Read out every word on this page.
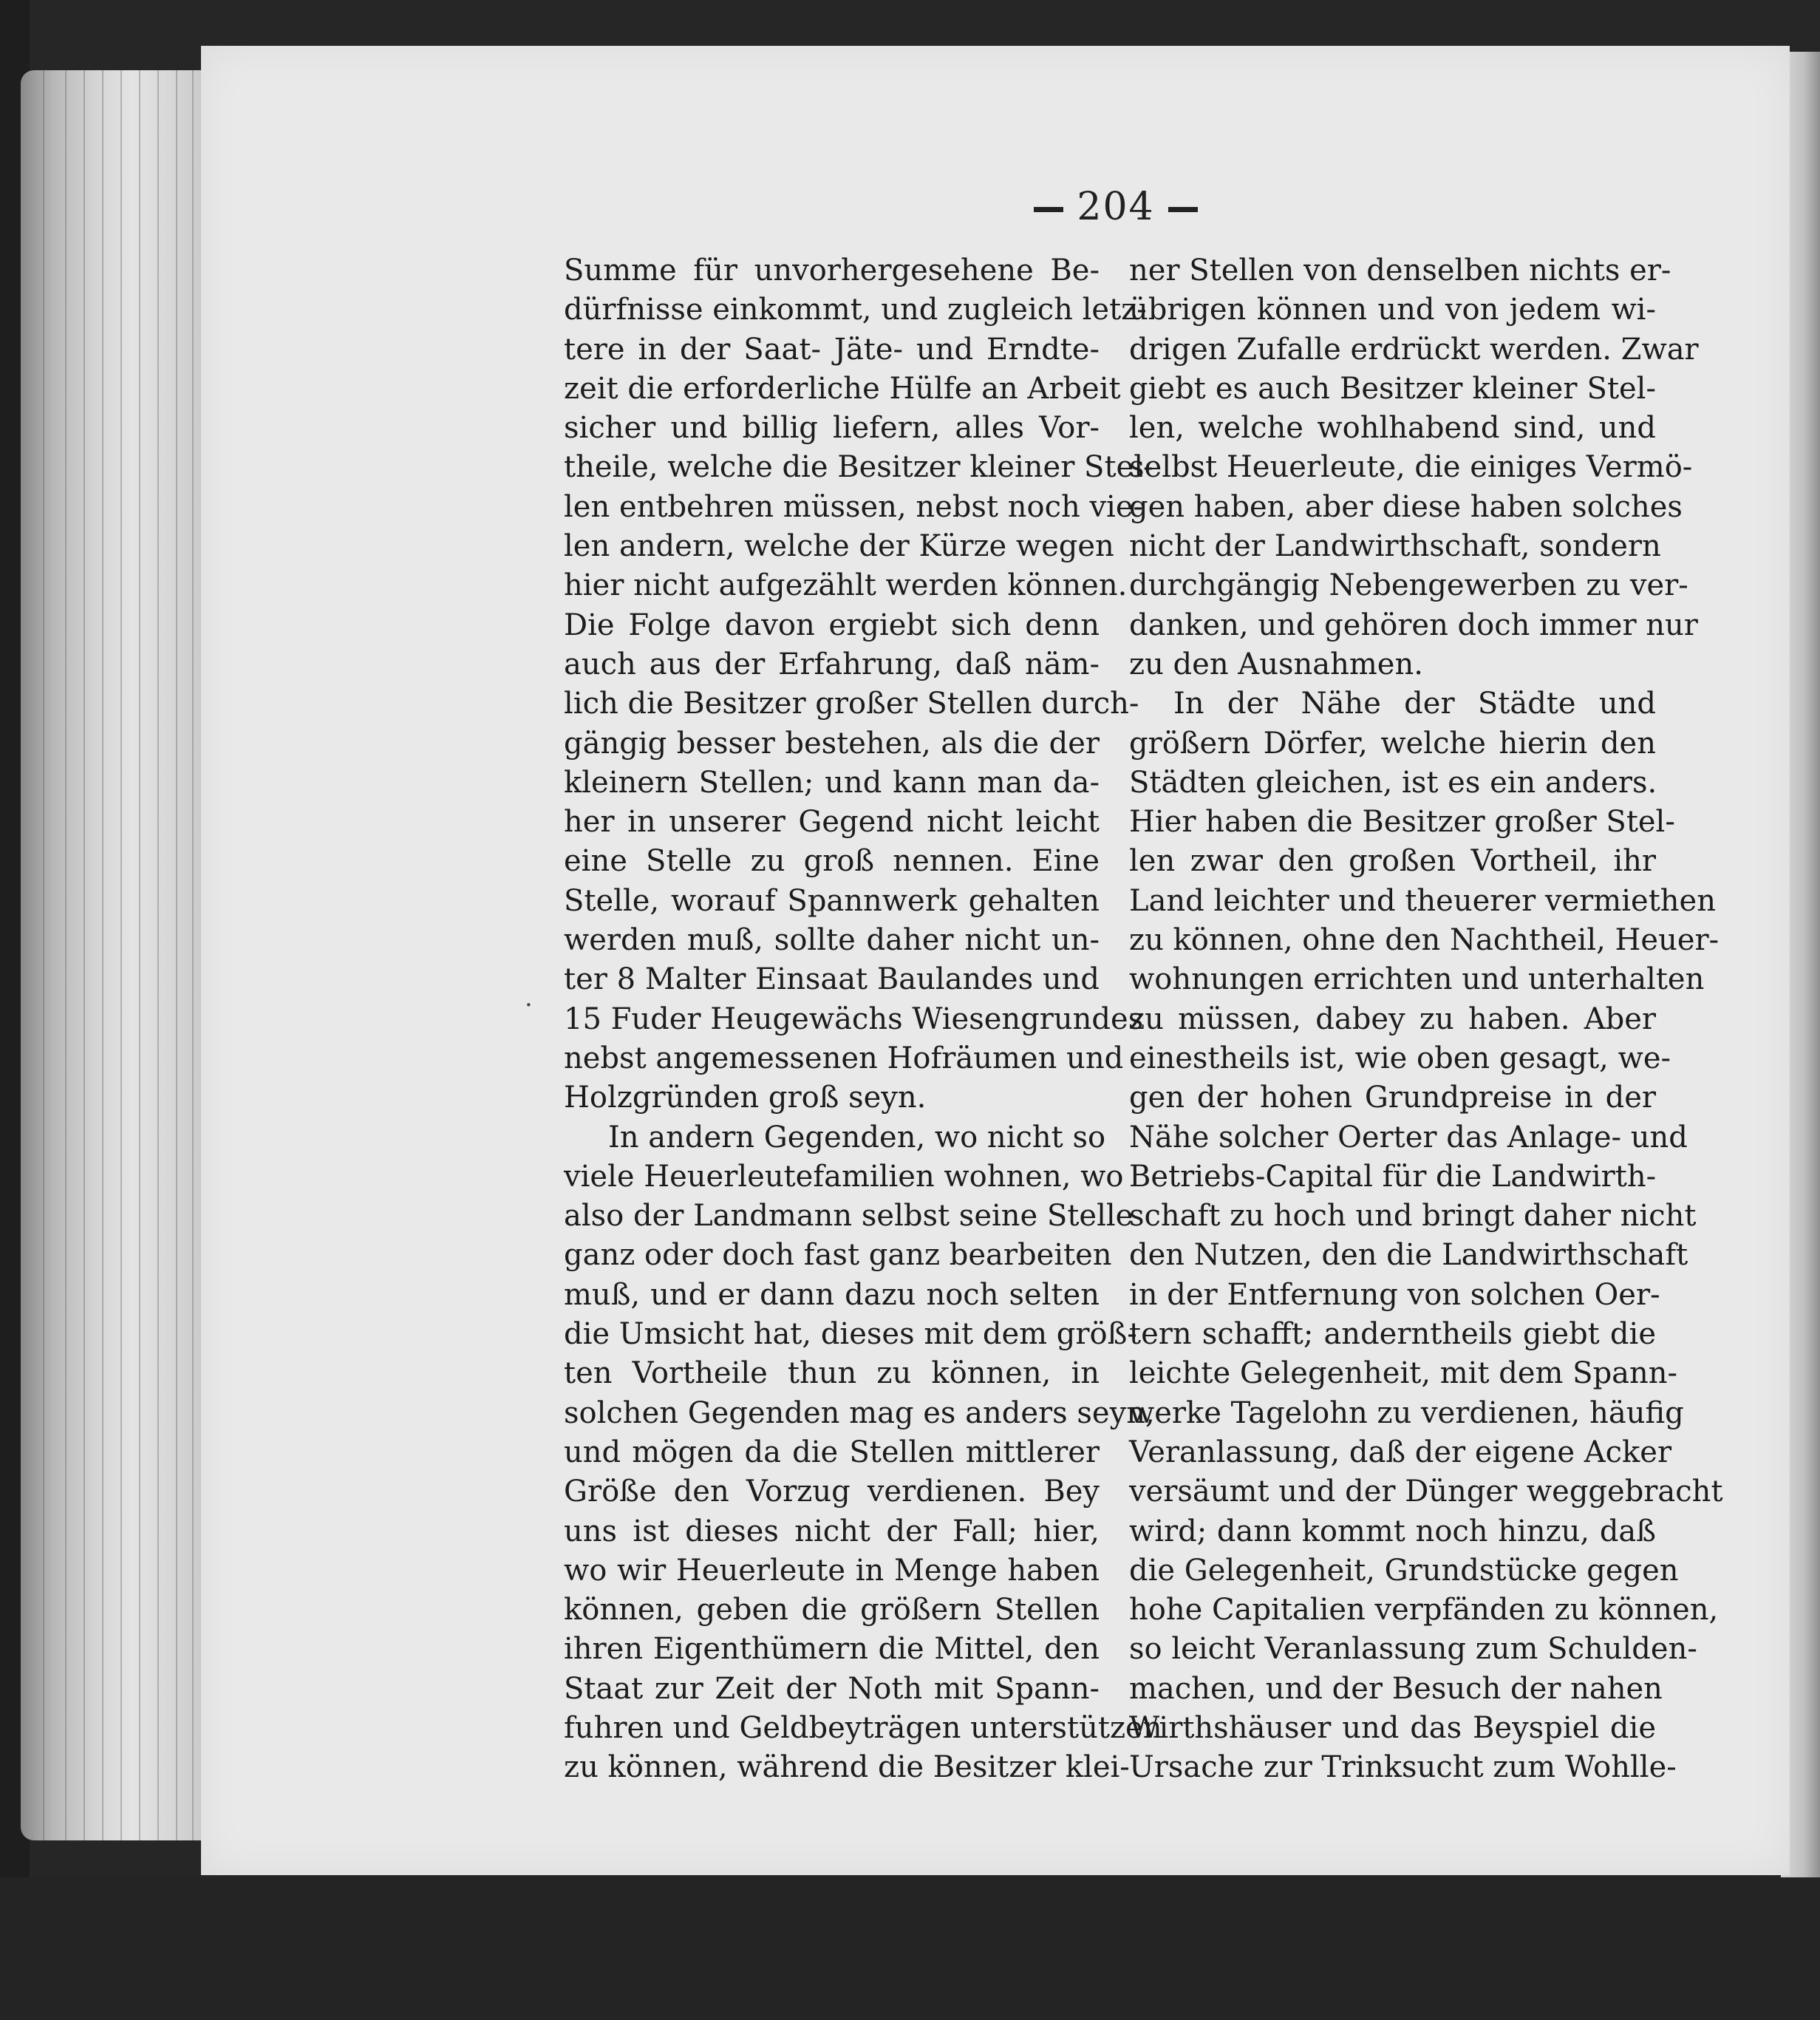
204
·
Summe für unvorhergesehene Be-
dürfnisse einkommt, und zugleich letz-
tere in der Saat- Jäte- und Erndte-
zeit die erforderliche Hülfe an Arbeit
sicher und billig liefern, alles Vor-
theile, welche die Besitzer kleiner Stel-
len entbehren müssen, nebst noch vie-
len andern, welche der Kürze wegen
hier nicht aufgezählt werden können.
Die Folge davon ergiebt sich denn
auch aus der Erfahrung, daß näm-
lich die Besitzer großer Stellen durch-
gängig besser bestehen, als die der
kleinern Stellen; und kann man da-
her in unserer Gegend nicht leicht
eine Stelle zu groß nennen. Eine
Stelle, worauf Spannwerk gehalten
werden muß, sollte daher nicht un-
ter 8 Malter Einsaat Baulandes und
15 Fuder Heugewächs Wiesengrundes
nebst angemessenen Hofräumen und
Holzgründen groß seyn.
In andern Gegenden, wo nicht so
viele Heuerleutefamilien wohnen, wo
also der Landmann selbst seine Stelle
ganz oder doch fast ganz bearbeiten
muß, und er dann dazu noch selten
die Umsicht hat, dieses mit dem größ-
ten Vortheile thun zu können, in
solchen Gegenden mag es anders seyn,
und mögen da die Stellen mittlerer
Größe den Vorzug verdienen. Bey
uns ist dieses nicht der Fall; hier,
wo wir Heuerleute in Menge haben
können, geben die größern Stellen
ihren Eigenthümern die Mittel, den
Staat zur Zeit der Noth mit Spann-
fuhren und Geldbeyträgen unterstützen
zu können, während die Besitzer klei-
ner Stellen von denselben nichts er-
übrigen können und von jedem wi-
drigen Zufalle erdrückt werden. Zwar
giebt es auch Besitzer kleiner Stel-
len, welche wohlhabend sind, und
selbst Heuerleute, die einiges Vermö-
gen haben, aber diese haben solches
nicht der Landwirthschaft, sondern
durchgängig Nebengewerben zu ver-
danken, und gehören doch immer nur
zu den Ausnahmen.
In der Nähe der Städte und
größern Dörfer, welche hierin den
Städten gleichen, ist es ein anders.
Hier haben die Besitzer großer Stel-
len zwar den großen Vortheil, ihr
Land leichter und theuerer vermiethen
zu können, ohne den Nachtheil, Heuer-
wohnungen errichten und unterhalten
zu müssen, dabey zu haben. Aber
einestheils ist, wie oben gesagt, we-
gen der hohen Grundpreise in der
Nähe solcher Oerter das Anlage- und
Betriebs-Capital für die Landwirth-
schaft zu hoch und bringt daher nicht
den Nutzen, den die Landwirthschaft
in der Entfernung von solchen Oer-
tern schafft; anderntheils giebt die
leichte Gelegenheit, mit dem Spann-
werke Tagelohn zu verdienen, häufig
Veranlassung, daß der eigene Acker
versäumt und der Dünger weggebracht
wird; dann kommt noch hinzu, daß
die Gelegenheit, Grundstücke gegen
hohe Capitalien verpfänden zu können,
so leicht Veranlassung zum Schulden-
machen, und der Besuch der nahen
Wirthshäuser und das Beyspiel die
Ursache zur Trinksucht zum Wohlle-
